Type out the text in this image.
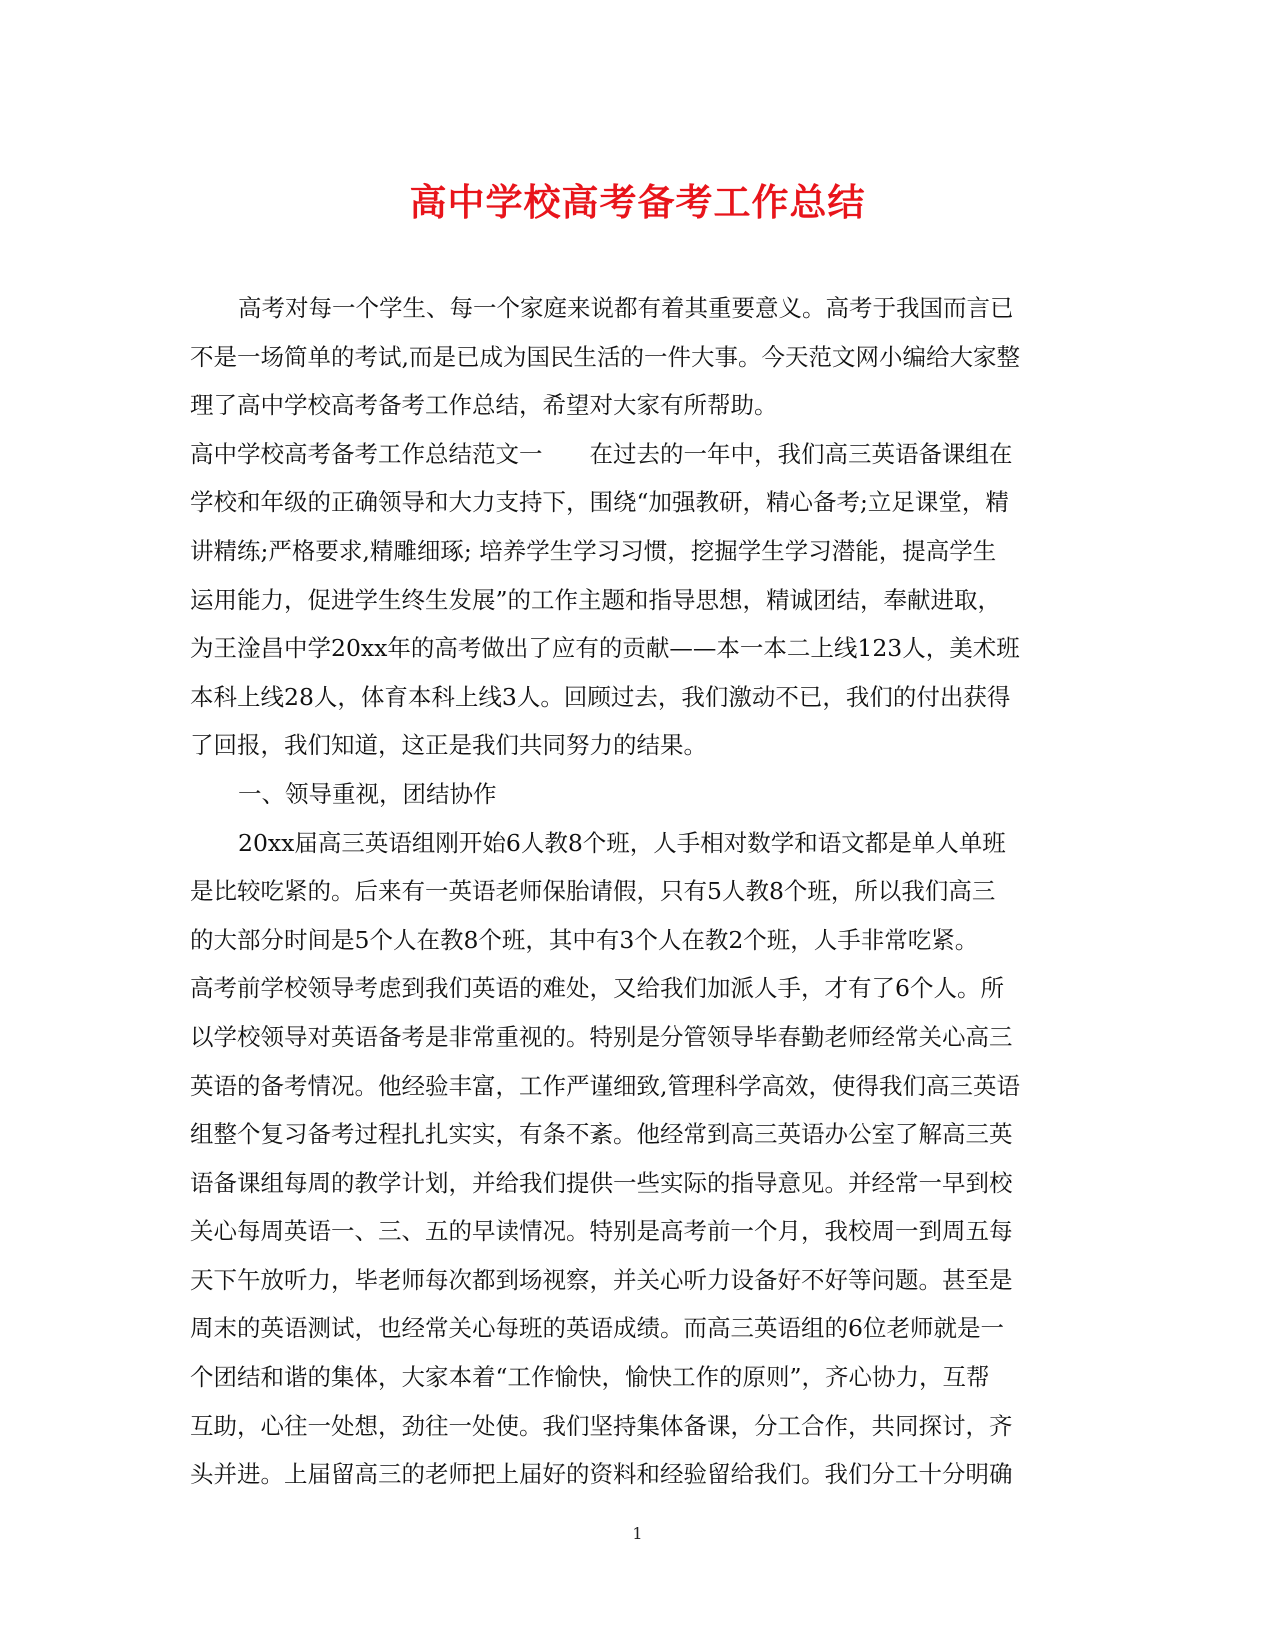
高中学校高考备考工作总结
高考对每一个学生、每一个家庭来说都有着其重要意义。高考于我国而言已
不是一场简单的考试,而是已成为国民生活的一件大事。今天范文网小编给大家整
理了高中学校高考备考工作总结，希望对大家有所帮助。
高中学校高考备考工作总结范文一　　在过去的一年中，我们高三英语备课组在
学校和年级的正确领导和大力支持下，围绕“加强教研，精心备考;立足课堂，精
讲精练;严格要求,精雕细琢; 培养学生学习习惯，挖掘学生学习潜能，提高学生
运用能力，促进学生终生发展”的工作主题和指导思想，精诚团结，奉献进取，
为王淦昌中学20xx年的高考做出了应有的贡献——本一本二上线123人，美术班
本科上线28人，体育本科上线3人。回顾过去，我们激动不已，我们的付出获得
了回报，我们知道，这正是我们共同努力的结果。
一、领导重视，团结协作
20xx届高三英语组刚开始6人教8个班，人手相对数学和语文都是单人单班
是比较吃紧的。后来有一英语老师保胎请假，只有5人教8个班，所以我们高三
的大部分时间是5个人在教8个班，其中有3个人在教2个班，人手非常吃紧。
高考前学校领导考虑到我们英语的难处，又给我们加派人手，才有了6个人。所
以学校领导对英语备考是非常重视的。特别是分管领导毕春勤老师经常关心高三
英语的备考情况。他经验丰富，工作严谨细致,管理科学高效，使得我们高三英语
组整个复习备考过程扎扎实实，有条不紊。他经常到高三英语办公室了解高三英
语备课组每周的教学计划，并给我们提供一些实际的指导意见。并经常一早到校
关心每周英语一、三、五的早读情况。特别是高考前一个月，我校周一到周五每
天下午放听力，毕老师每次都到场视察，并关心听力设备好不好等问题。甚至是
周末的英语测试，也经常关心每班的英语成绩。而高三英语组的6位老师就是一
个团结和谐的集体，大家本着“工作愉快，愉快工作的原则”，齐心协力，互帮
互助，心往一处想，劲往一处使。我们坚持集体备课，分工合作，共同探讨，齐
头并进。上届留高三的老师把上届好的资料和经验留给我们。我们分工十分明确
1
